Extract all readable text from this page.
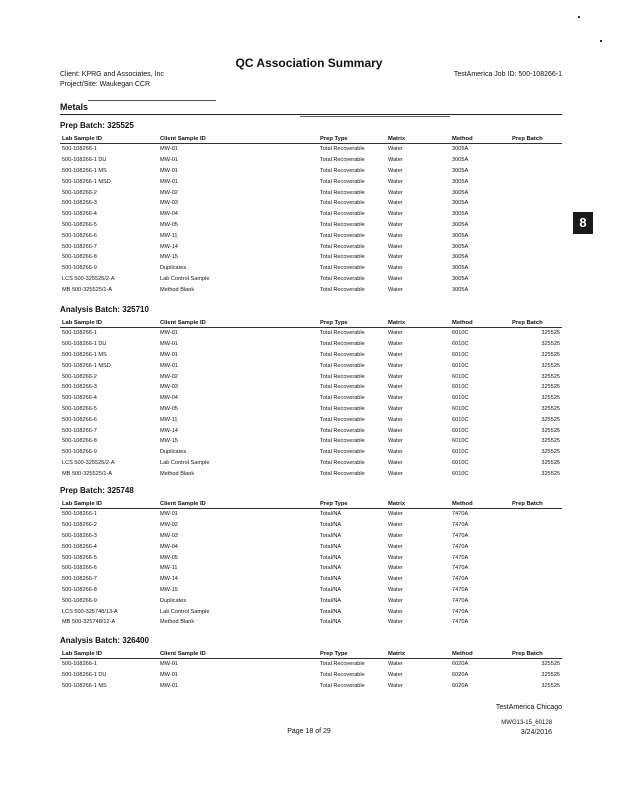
QC Association Summary
Client: KPRG and Associates, Inc
Project/Site: Waukegan CCR
TestAmerica Job ID: 500-108266-1
Metals
8
Prep Batch: 325525
Lab Sample ID	Client Sample ID	Prep Type	Matrix	Method	Prep Batch
500-108266-1	MW-01	Total Recoverable	Water	3005A	
500-108266-1 DU	MW-01	Total Recoverable	Water	3005A	
500-108266-1 MS	MW-01	Total Recoverable	Water	3005A	
500-108266-1 MSD	MW-01	Total Recoverable	Water	3005A	
500-108266-2	MW-02	Total Recoverable	Water	3005A	
500-108266-3	MW-03	Total Recoverable	Water	3005A	
500-108266-4	MW-04	Total Recoverable	Water	3005A	
500-108266-5	MW-05	Total Recoverable	Water	3005A	
500-108266-6	MW-11	Total Recoverable	Water	3005A	
500-108266-7	MW-14	Total Recoverable	Water	3005A	
500-108266-8	MW-15	Total Recoverable	Water	3005A	
500-108266-9	Duplicates	Total Recoverable	Water	3005A	
LCS 500-325525/2-A	Lab Control Sample	Total Recoverable	Water	3005A	
MB 500-325525/1-A	Method Blank	Total Recoverable	Water	3005A	
Analysis Batch: 325710
Lab Sample ID	Client Sample ID	Prep Type	Matrix	Method	Prep Batch
500-108266-1	MW-01	Total Recoverable	Water	6010C	325525
500-108266-1 DU	MW-01	Total Recoverable	Water	6010C	325525
500-108266-1 MS	MW-01	Total Recoverable	Water	6010C	325525
500-108266-1 MSD	MW-01	Total Recoverable	Water	6010C	325525
500-108266-2	MW-02	Total Recoverable	Water	6010C	325525
500-108266-3	MW-03	Total Recoverable	Water	6010C	325525
500-108266-4	MW-04	Total Recoverable	Water	6010C	325525
500-108266-5	MW-05	Total Recoverable	Water	6010C	325525
500-108266-6	MW-11	Total Recoverable	Water	6010C	325525
500-108266-7	MW-14	Total Recoverable	Water	6010C	325525
500-108266-8	MW-15	Total Recoverable	Water	6010C	325525
500-108266-9	Duplicates	Total Recoverable	Water	6010C	325525
LCS 500-325525/2-A	Lab Control Sample	Total Recoverable	Water	6010C	325525
MB 500-325525/1-A	Method Blank	Total Recoverable	Water	6010C	325525
Prep Batch: 325748
Lab Sample ID	Client Sample ID	Prep Type	Matrix	Method	Prep Batch
500-108266-1	MW-01	Total/NA	Water	7470A	
500-108266-2	MW-02	Total/NA	Water	7470A	
500-108266-3	MW-03	Total/NA	Water	7470A	
500-108266-4	MW-04	Total/NA	Water	7470A	
500-108266-5	MW-05	Total/NA	Water	7470A	
500-108266-6	MW-11	Total/NA	Water	7470A	
500-108266-7	MW-14	Total/NA	Water	7470A	
500-108266-8	MW-15	Total/NA	Water	7470A	
500-108266-9	Duplicates	Total/NA	Water	7470A	
LCS 500-325748/13-A	Lab Control Sample	Total/NA	Water	7470A	
MB 500-325748/12-A	Method Blank	Total/NA	Water	7470A	
Analysis Batch: 326400
Lab Sample ID	Client Sample ID	Prep Type	Matrix	Method	Prep Batch
500-108266-1	MW-01	Total Recoverable	Water	6020A	325525
500-108266-1 DU	MW-01	Total Recoverable	Water	6020A	325525
500-108266-1 MS	MW-01	Total Recoverable	Water	6020A	325525
TestAmerica Chicago
MWG13-15_60128
Page 18 of 29	3/24/2016
